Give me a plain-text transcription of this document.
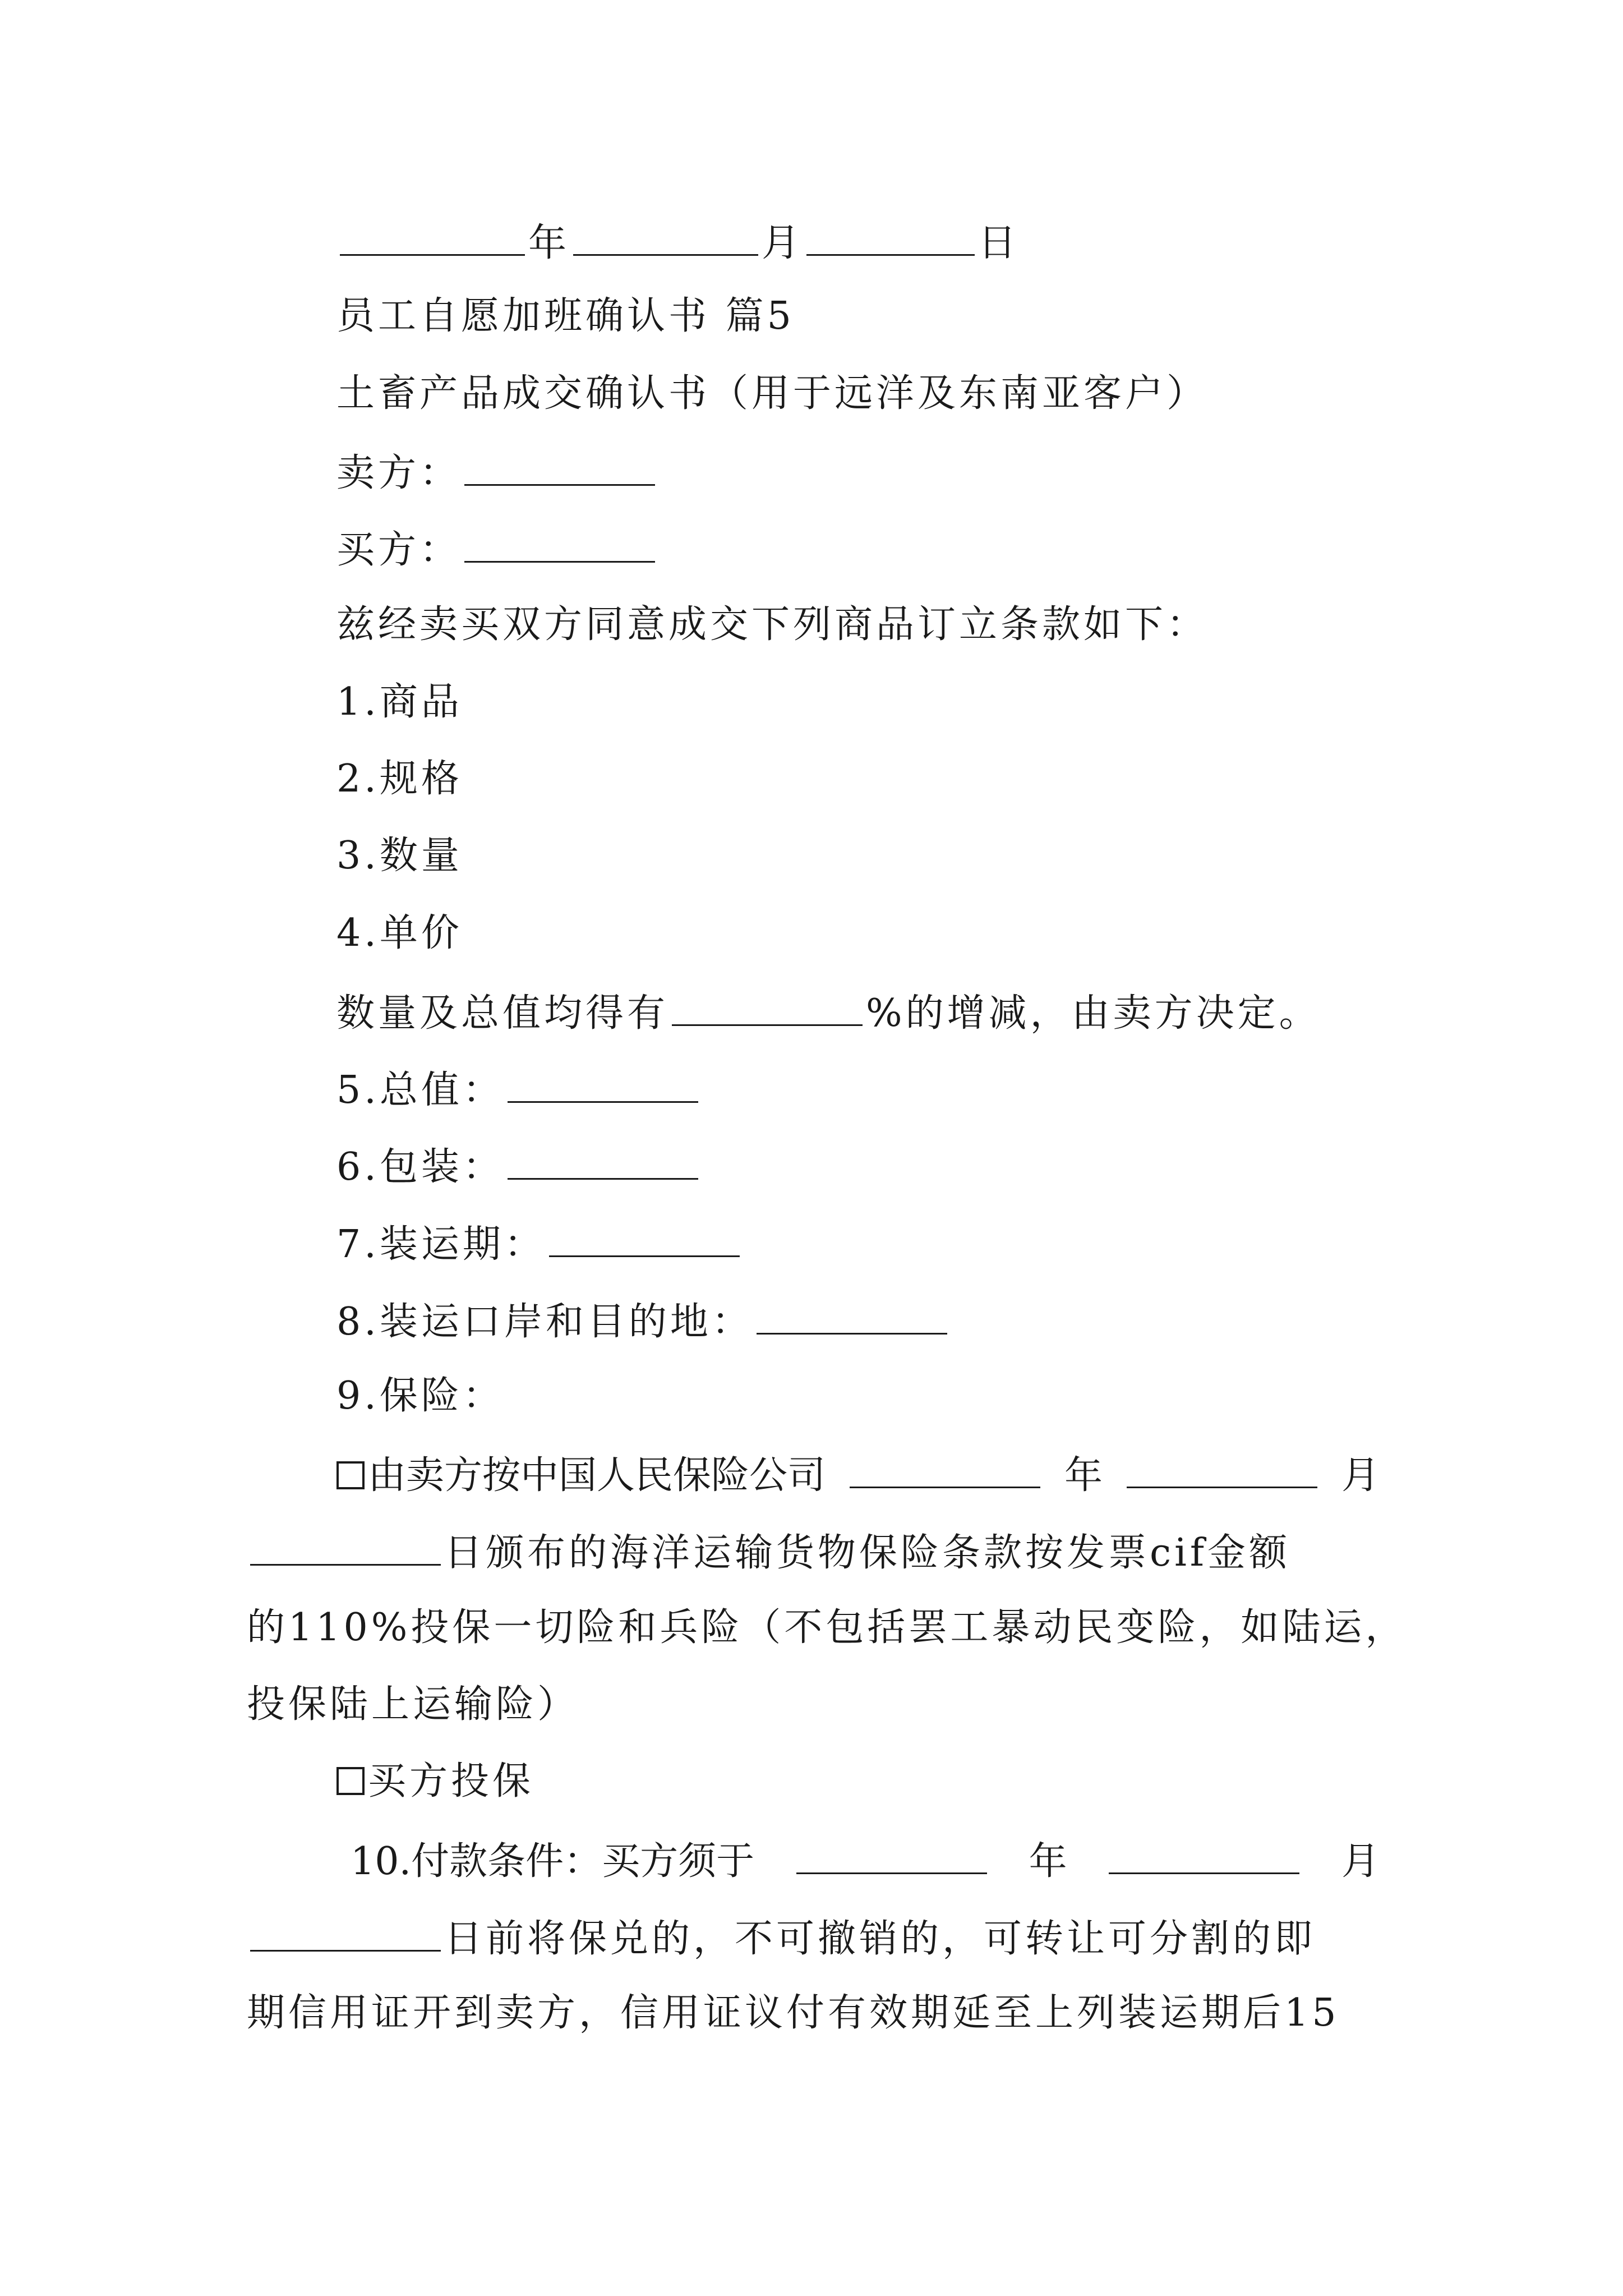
年	月	日
员工自愿加班确认书 篇5
土畜产品成交确认书（用于远洋及东南亚客户）
卖方：
买方：
兹经卖买双方同意成交下列商品订立条款如下：
1.商品
2.规格
3.数量
4.单价
数量及总值均得有	%的增减，由卖方决定。
5.总值：
6.包装：
7.装运期：
8.装运口岸和目的地：
9.保险：
由卖方按中国人民保险公司	年	月
日颁布的海洋运输货物保险条款按发票cif金额
的110%投保一切险和兵险（不包括罢工暴动民变险，如陆运，
投保陆上运输险）
买方投保
10.付款条件：买方须于	年	月
日前将保兑的，不可撤销的，可转让可分割的即
期信用证开到卖方，信用证议付有效期延至上列装运期后15
